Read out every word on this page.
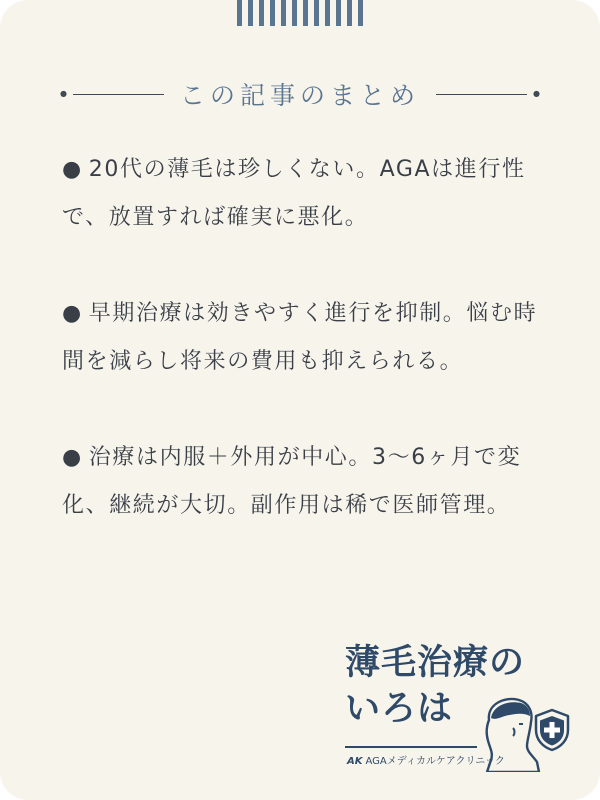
●	この記事のまとめ	●
● 20代の薄毛は珍しくない。AGAは進行性で、放置すれば確実に悪化。
● 早期治療は効きやすく進行を抑制。悩む時間を減らし将来の費用も抑えられる。
● 治療は内服＋外用が中心。3〜6ヶ月で変化、継続が大切。副作用は稀で医師管理。
薄毛治療の
いろは
AK AGAメディカルケアクリニック
